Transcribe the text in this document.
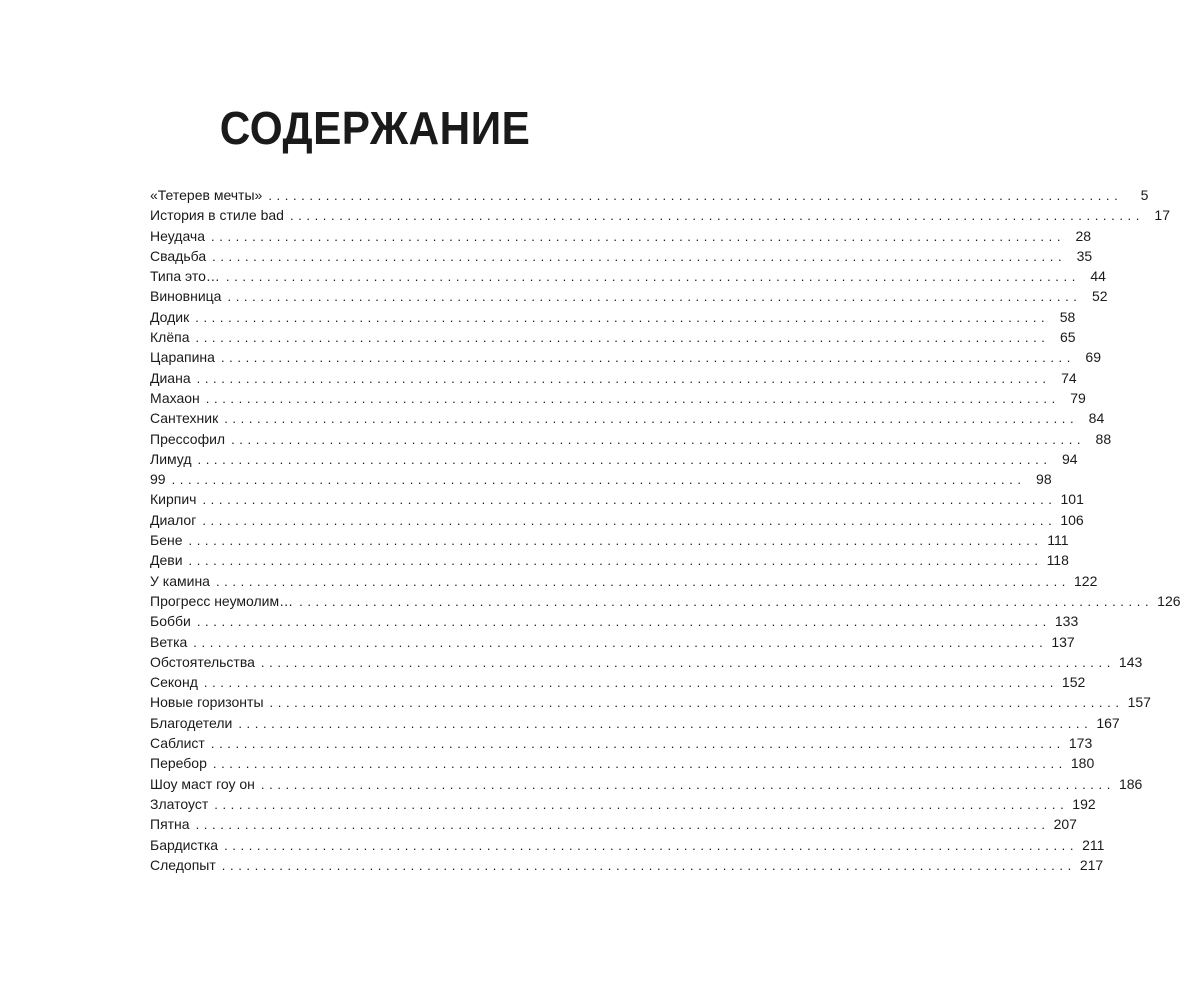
СОДЕРЖАНИЕ
«Тетерев мечты» ........................................................................................................	5
История в стиле bad ........................................................................................................ 17
Неудача ........................................................................................................ 28
Свадьба ........................................................................................................ 35
Типа это… ........................................................................................................ 44
Виновница ........................................................................................................ 52
Додик ........................................................................................................ 58
Клёпа ........................................................................................................ 65
Царапина ........................................................................................................ 69
Диана ........................................................................................................ 74
Махаон ........................................................................................................ 79
Сантехник ........................................................................................................ 84
Прессофил ........................................................................................................ 88
Лимуд ........................................................................................................ 94
99 ........................................................................................................ 98
Кирпич ........................................................................................................ 101
Диалог ........................................................................................................ 106
Бене ........................................................................................................ 111
Деви ........................................................................................................ 118
У камина ........................................................................................................ 122
Прогресс неумолим… ........................................................................................................ 126
Бобби ........................................................................................................ 133
Ветка ........................................................................................................ 137
Обстоятельства ........................................................................................................ 143
Секонд ........................................................................................................ 152
Новые горизонты ........................................................................................................ 157
Благодетели ........................................................................................................ 167
Саблист ........................................................................................................ 173
Перебор ........................................................................................................ 180
Шоу маст гоу он ........................................................................................................ 186
Златоуст ........................................................................................................ 192
Пятна ........................................................................................................ 207
Бардистка ........................................................................................................ 211
Следопыт ........................................................................................................ 217
